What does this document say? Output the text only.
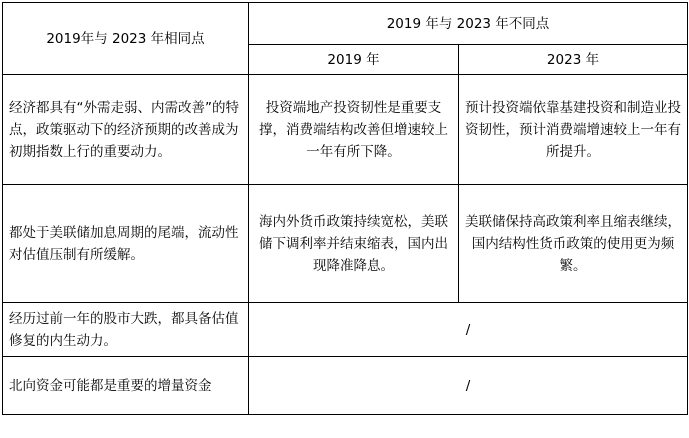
2019年与 2023 年相同点	2019 年与 2023 年不同点	
	2019 年	2023 年
经济都具有“外需走弱、内需改善”的特点，政策驱动下的经济预期的改善成为初期指数上行的重要动力。	投资端地产投资韧性是重要支撑，消费端结构改善但增速较上一年有所下降。	预计投资端依靠基建投资和制造业投资韧性，预计消费端增速较上一年有所提升。
都处于美联储加息周期的尾端，流动性对估值压制有所缓解。	海内外货币政策持续宽松，美联储下调利率并结束缩表，国内出现降准降息。	美联储保持高政策利率且缩表继续，国内结构性货币政策的使用更为频繁。
经历过前一年的股市大跌，都具备估值修复的内生动力。	/	
北向资金可能都是重要的增量资金	/	
